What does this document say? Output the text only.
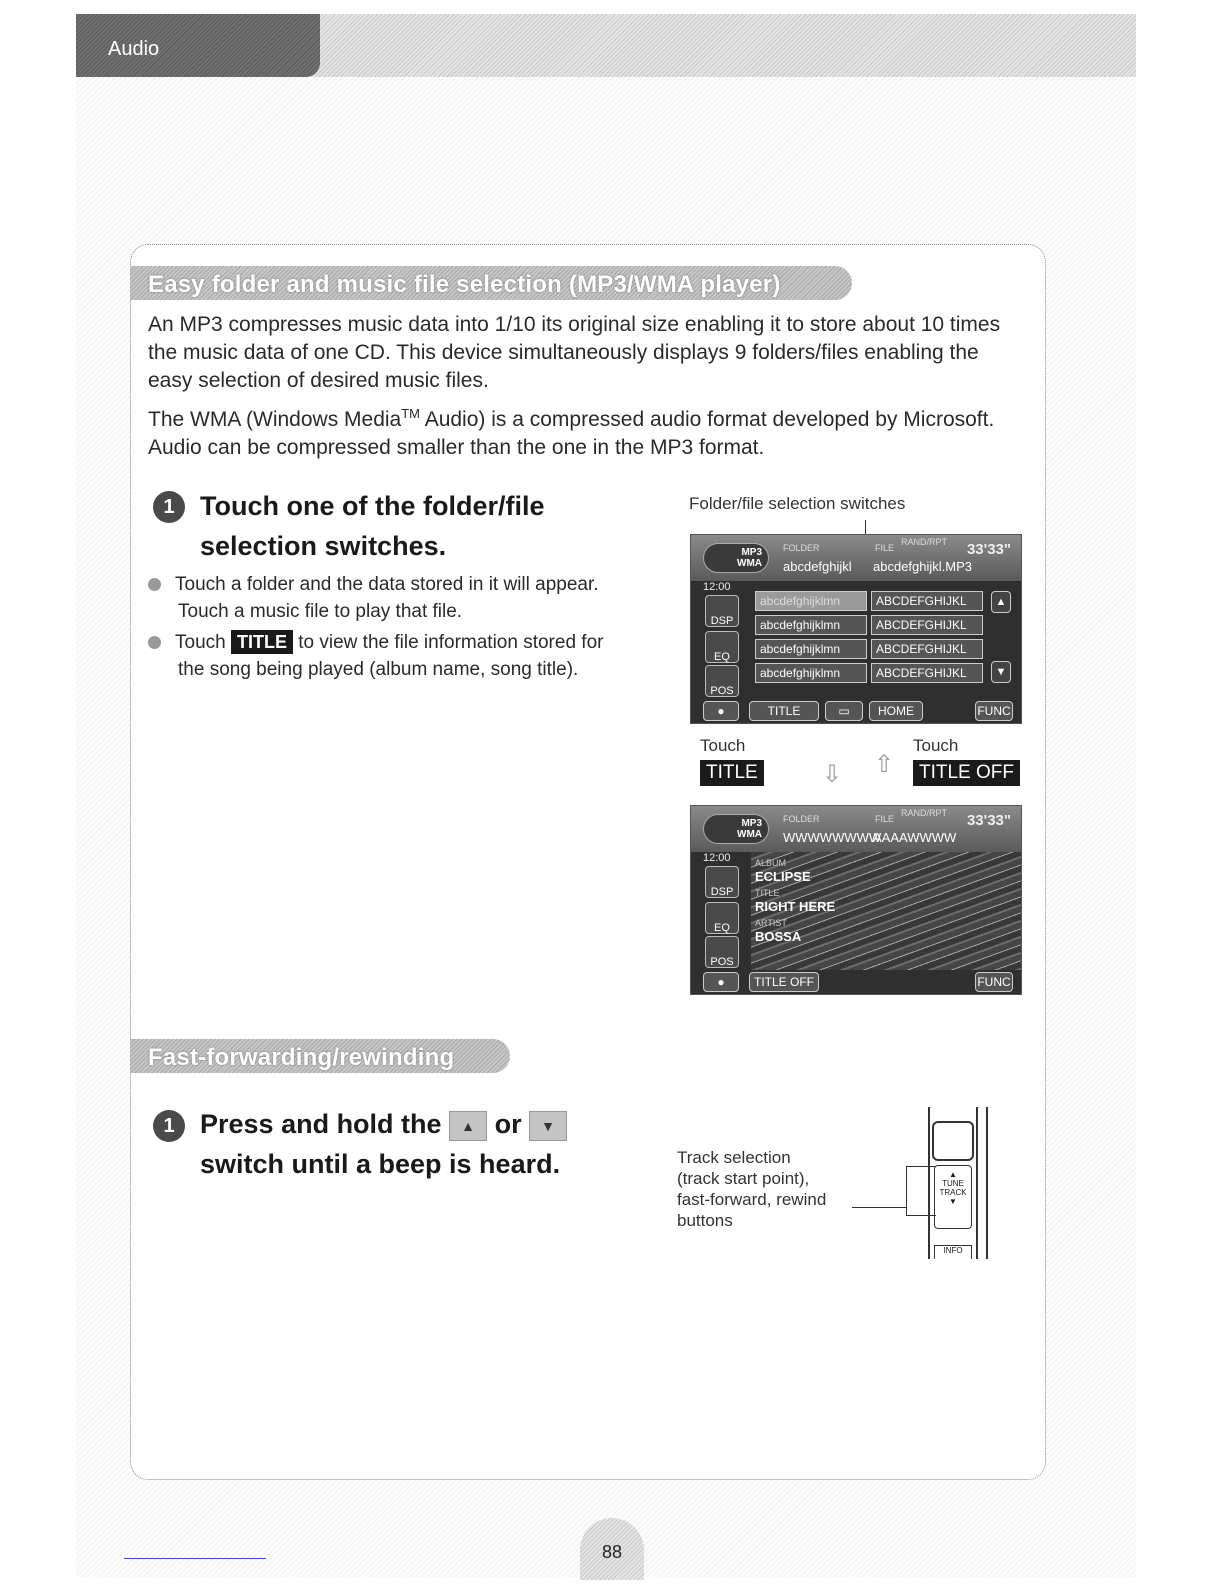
Audio
Easy folder and music file selection (MP3/WMA player)
An MP3 compresses music data into 1/10 its original size enabling it to store about 10 times the music data of one CD. This device simultaneously displays 9 folders/files enabling the easy selection of desired music files.
The WMA (Windows Media™ Audio) is a compressed audio format developed by Microsoft. Audio can be compressed smaller than the one in the MP3 format.
1 Touch one of the folder/file
selection switches.
Touch a folder and the data stored in it will appear.
Touch a music file to play that file.
Touch TITLE to view the file information stored for
the song being played (album name, song title).
Folder/file selection switches
MP3
WMA
FOLDER	FILE
RAND/RPT 33'33"
abcdefghijkl abcdefghijkl.MP3
12:00
DSP
EQ
POS
abcdefghijklmn
abcdefghijklmn
abcdefghijklmn
abcdefghijklmn
ABCDEFGHIJKL
ABCDEFGHIJKL
ABCDEFGHIJKL
ABCDEFGHIJKL
▲
▼
●	TITLE	▭	HOME	FUNC
Touch	Touch
TITLE	TITLE OFF
⇩ ⇧
MP3
WMA
FOLDER	FILE
RAND/RPT 33'33"
WWWWWWWW
AAAAWWWW
12:00
DSP
EQ
POS
ALBUM
ECLIPSE
TITLE
RIGHT HERE
ARTIST
BOSSA
●	TITLE OFF	FUNC
Fast-forwarding/rewinding
1 Press and hold the ▲ or ▼
switch until a beep is heard.	Track selection
(track start point),
fast-forward, rewind
buttons
▲
TUNE
TRACK
▼
INFO
88
